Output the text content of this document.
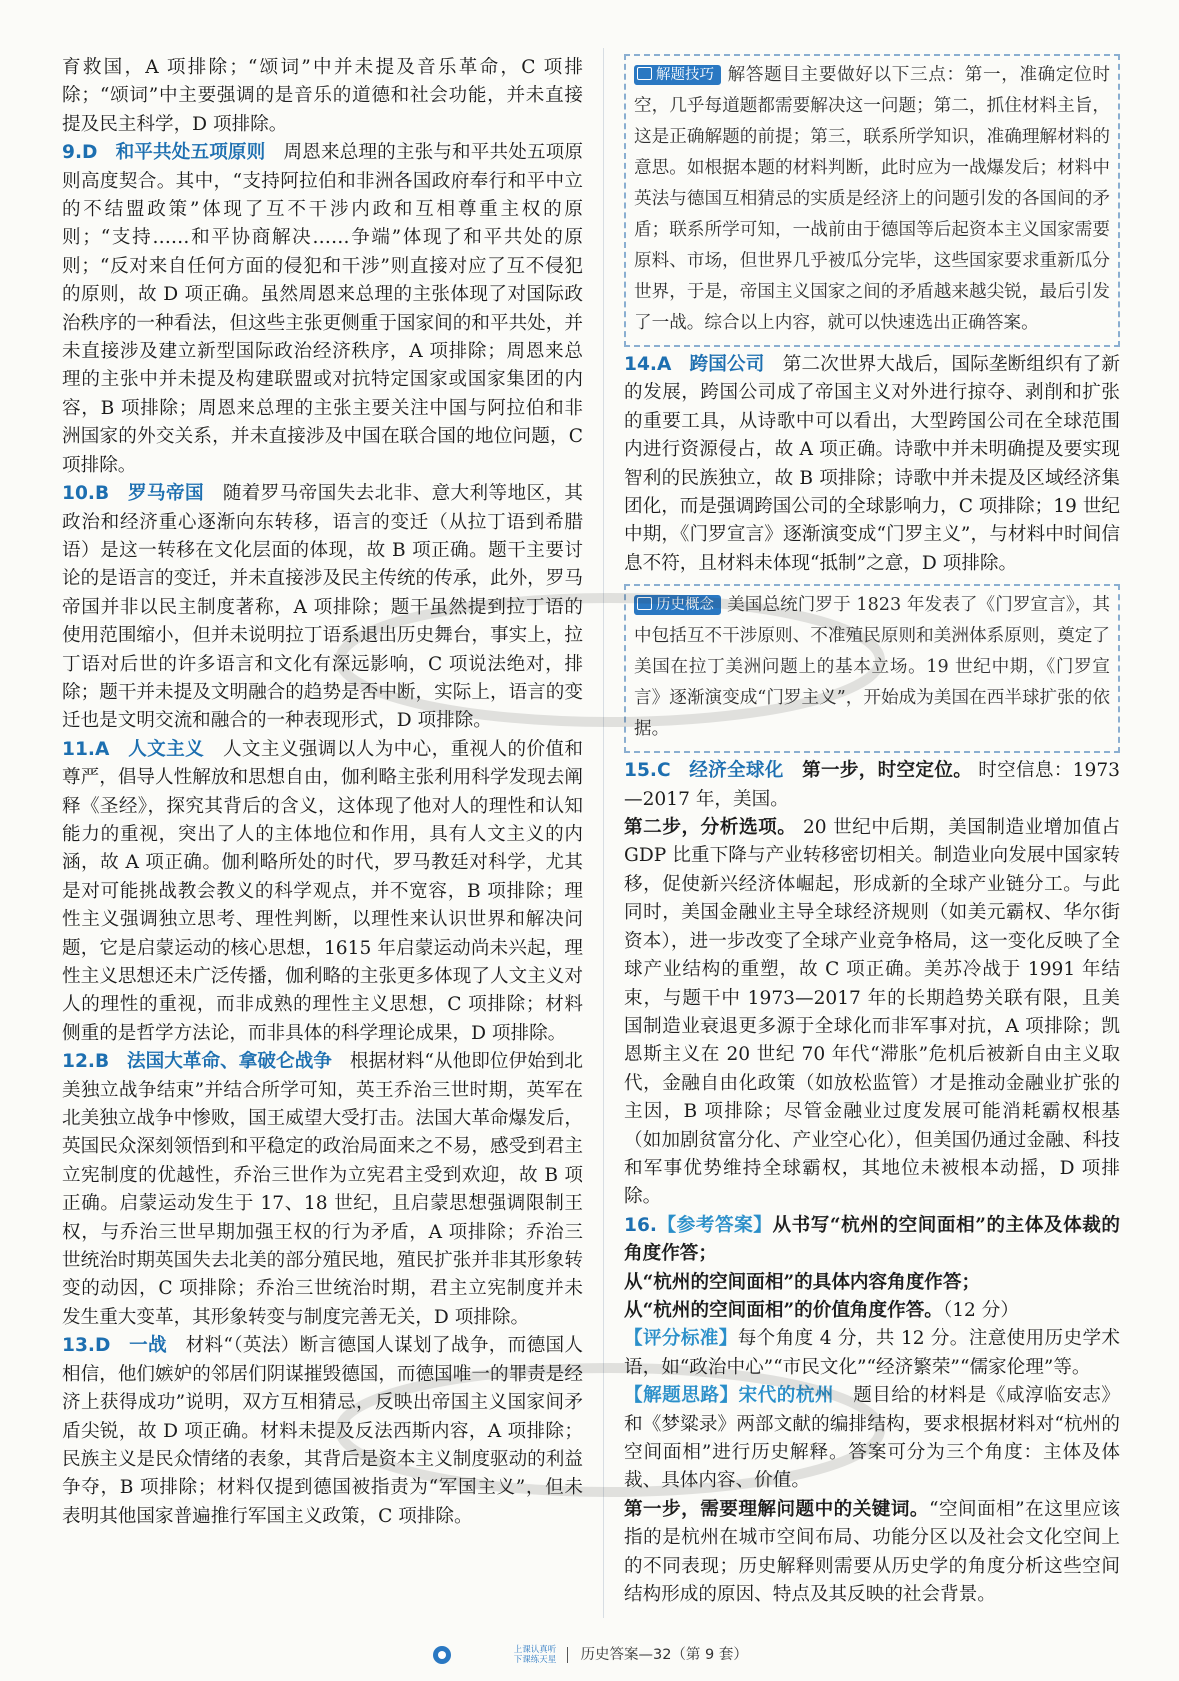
育救国，A 项排除；“颂词”中并未提及音乐革命，C 项排除；“颂词”中主要强调的是音乐的道德和社会功能，并未直接提及民主科学，D 项排除。

9.D 和平共处五项原则 周恩来总理的主张与和平共处五项原则高度契合。其中，“支持阿拉伯和非洲各国政府奉行和平中立的不结盟政策”体现了互不干涉内政和互相尊重主权的原则；“支持……和平协商解决……争端”体现了和平共处的原则；“反对来自任何方面的侵犯和干涉”则直接对应了互不侵犯的原则，故 D 项正确。虽然周恩来总理的主张体现了对国际政治秩序的一种看法，但这些主张更侧重于国家间的和平共处，并未直接涉及建立新型国际政治经济秩序，A 项排除；周恩来总理的主张中并未提及构建联盟或对抗特定国家或国家集团的内容，B 项排除；周恩来总理的主张主要关注中国与阿拉伯和非洲国家的外交关系，并未直接涉及中国在联合国的地位问题，C 项排除。

10.B 罗马帝国 随着罗马帝国失去北非、意大利等地区，其政治和经济重心逐渐向东转移，语言的变迁（从拉丁语到希腊语）是这一转移在文化层面的体现，故 B 项正确。题干主要讨论的是语言的变迁，并未直接涉及民主传统的传承，此外，罗马帝国并非以民主制度著称，A 项排除；题干虽然提到拉丁语的使用范围缩小，但并未说明拉丁语系退出历史舞台，事实上，拉丁语对后世的许多语言和文化有深远影响，C 项说法绝对，排除；题干并未提及文明融合的趋势是否中断，实际上，语言的变迁也是文明交流和融合的一种表现形式，D 项排除。

11.A 人文主义 人文主义强调以人为中心，重视人的价值和尊严，倡导人性解放和思想自由，伽利略主张利用科学发现去阐释《圣经》，探究其背后的含义，这体现了他对人的理性和认知能力的重视，突出了人的主体地位和作用，具有人文主义的内涵，故 A 项正确。伽利略所处的时代，罗马教廷对科学，尤其是对可能挑战教会教义的科学观点，并不宽容，B 项排除；理性主义强调独立思考、理性判断，以理性来认识世界和解决问题，它是启蒙运动的核心思想，1615 年启蒙运动尚未兴起，理性主义思想还未广泛传播，伽利略的主张更多体现了人文主义对人的理性的重视，而非成熟的理性主义思想，C 项排除；材料侧重的是哲学方法论，而非具体的科学理论成果，D 项排除。

12.B 法国大革命、拿破仑战争 根据材料“从他即位伊始到北美独立战争结束”并结合所学可知，英王乔治三世时期，英军在北美独立战争中惨败，国王威望大受打击。法国大革命爆发后，英国民众深刻领悟到和平稳定的政治局面来之不易，感受到君主立宪制度的优越性，乔治三世作为立宪君主受到欢迎，故 B 项正确。启蒙运动发生于 17、18 世纪，且启蒙思想强调限制王权，与乔治三世早期加强王权的行为矛盾，A 项排除；乔治三世统治时期英国失去北美的部分殖民地，殖民扩张并非其形象转变的动因，C 项排除；乔治三世统治时期，君主立宪制度并未发生重大变革，其形象转变与制度完善无关，D 项排除。

13.D 一战 材料“（英法）断言德国人谋划了战争，而德国人相信，他们嫉妒的邻居们阴谋摧毁德国，而德国唯一的罪责是经济上获得成功”说明，双方互相猜忌，反映出帝国主义国家间矛盾尖锐，故 D 项正确。材料未提及反法西斯内容，A 项排除；民族主义是民众情绪的表象，其背后是资本主义制度驱动的利益争夺，B 项排除；材料仅提到德国被指责为“军国主义”，但未表明其他国家普遍推行军国主义政策，C 项排除。

解题技巧 解答题目主要做好以下三点：第一，准确定位时空，几乎每道题都需要解决这一问题；第二，抓住材料主旨，这是正确解题的前提；第三，联系所学知识，准确理解材料的意思。如根据本题的材料判断，此时应为一战爆发后；材料中英法与德国互相猜忌的实质是经济上的问题引发的各国间的矛盾；联系所学可知，一战前由于德国等后起资本主义国家需要原料、市场，但世界几乎被瓜分完毕，这些国家要求重新瓜分世界，于是，帝国主义国家之间的矛盾越来越尖锐，最后引发了一战。综合以上内容，就可以快速选出正确答案。

14.A 跨国公司 第二次世界大战后，国际垄断组织有了新的发展，跨国公司成了帝国主义对外进行掠夺、剥削和扩张的重要工具，从诗歌中可以看出，大型跨国公司在全球范围内进行资源侵占，故 A 项正确。诗歌中并未明确提及要实现智利的民族独立，故 B 项排除；诗歌中并未提及区域经济集团化，而是强调跨国公司的全球影响力，C 项排除；19 世纪中期，《门罗宣言》逐渐演变成“门罗主义”，与材料中时间信息不符，且材料未体现“抵制”之意，D 项排除。

历史概念 美国总统门罗于 1823 年发表了《门罗宣言》，其中包括互不干涉原则、不准殖民原则和美洲体系原则，奠定了美国在拉丁美洲问题上的基本立场。19 世纪中期，《门罗宣言》逐渐演变成“门罗主义”，开始成为美国在西半球扩张的依据。

15.C 经济全球化 第一步，时空定位。 时空信息：1973—2017 年，美国。

第二步，分析选项。 20 世纪中后期，美国制造业增加值占 GDP 比重下降与产业转移密切相关。制造业向发展中国家转移，促使新兴经济体崛起，形成新的全球产业链分工。与此同时，美国金融业主导全球经济规则（如美元霸权、华尔街资本），进一步改变了全球产业竞争格局，这一变化反映了全球产业结构的重塑，故 C 项正确。美苏冷战于 1991 年结束，与题干中 1973—2017 年的长期趋势关联有限，且美国制造业衰退更多源于全球化而非军事对抗，A 项排除；凯恩斯主义在 20 世纪 70 年代“滞胀”危机后被新自由主义取代，金融自由化政策（如放松监管）才是推动金融业扩张的主因，B 项排除；尽管金融业过度发展可能消耗霸权根基（如加剧贫富分化、产业空心化），但美国仍通过金融、科技和军事优势维持全球霸权，其地位未被根本动摇，D 项排除。

16.【参考答案】从书写“杭州的空间面相”的主体及体裁的角度作答；

从“杭州的空间面相”的具体内容角度作答；

从“杭州的空间面相”的价值角度作答。（12 分）

【评分标准】每个角度 4 分，共 12 分。注意使用历史学术语，如“政治中心”“市民文化”“经济繁荣”“儒家伦理”等。

【解题思路】宋代的杭州 题目给的材料是《咸淳临安志》和《梦粱录》两部文献的编排结构，要求根据材料对“杭州的空间面相”进行历史解释。答案可分为三个角度：主体及体裁、具体内容、价值。

第一步，需要理解问题中的关键词。“空间面相”在这里应该指的是杭州在城市空间布局、功能分区以及社会文化空间上的不同表现；历史解释则需要从历史学的角度分析这些空间结构形成的原因、特点及其反映的社会背景。

上课认真听
下课练天星 历史答案—32（第 9 套）
